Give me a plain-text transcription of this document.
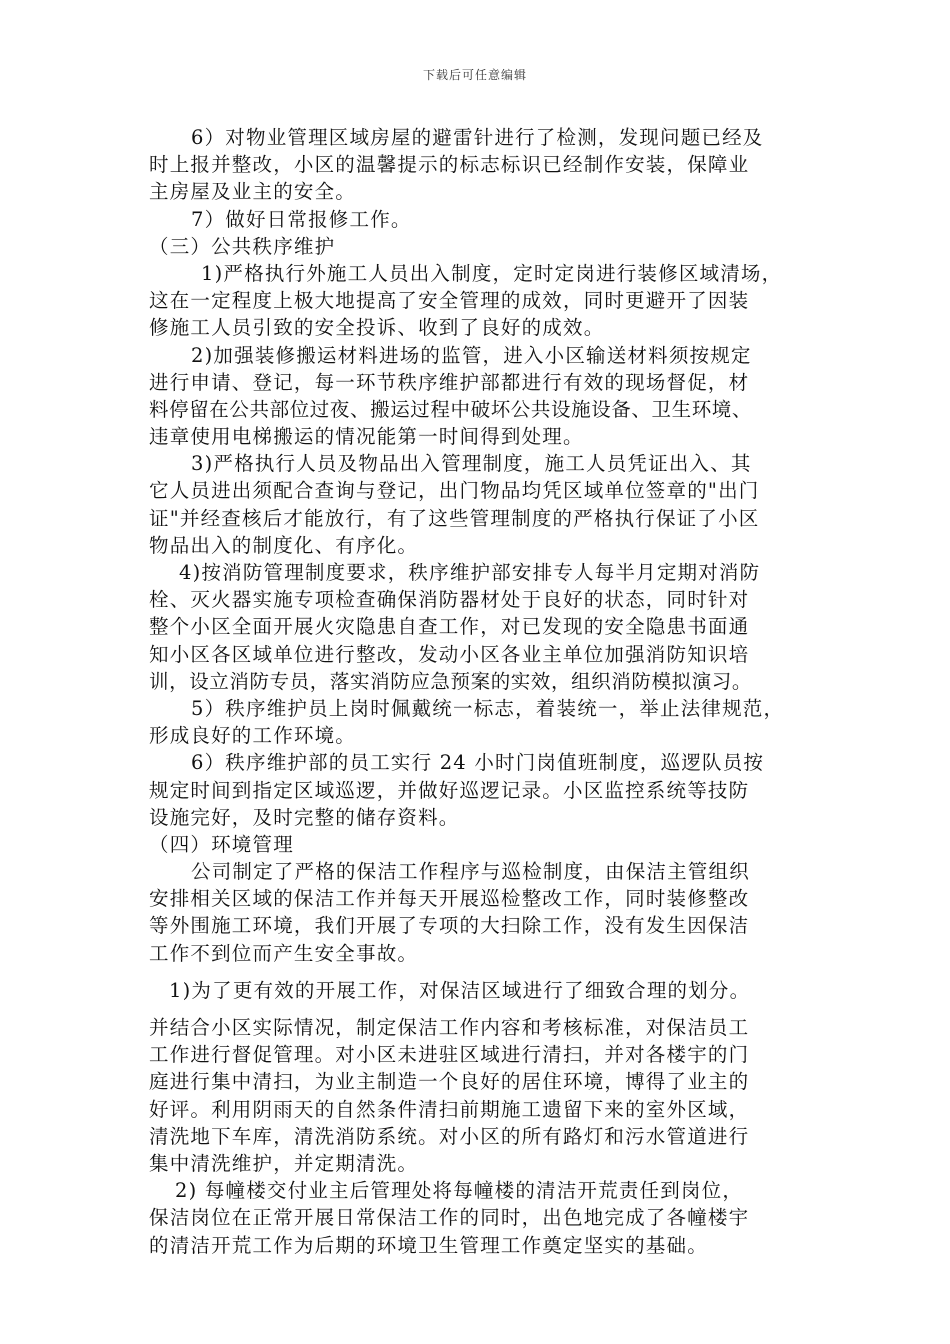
下载后可任意编辑
6）对物业管理区域房屋的避雷针进行了检测，发现问题已经及
时上报并整改，小区的温馨提示的标志标识已经制作安装，保障业
主房屋及业主的安全。
7）做好日常报修工作。
（三）公共秩序维护
1)严格执行外施工人员出入制度，定时定岗进行装修区域清场，
这在一定程度上极大地提高了安全管理的成效，同时更避开了因装
修施工人员引致的安全投诉、收到了良好的成效。
2)加强装修搬运材料进场的监管，进入小区输送材料须按规定
进行申请、登记，每一环节秩序维护部都进行有效的现场督促，材
料停留在公共部位过夜、搬运过程中破坏公共设施设备、卫生环境、
违章使用电梯搬运的情况能第一时间得到处理。
3)严格执行人员及物品出入管理制度，施工人员凭证出入、其
它人员进出须配合查询与登记，出门物品均凭区域单位签章的"出门
证"并经查核后才能放行，有了这些管理制度的严格执行保证了小区
物品出入的制度化、有序化。
4)按消防管理制度要求，秩序维护部安排专人每半月定期对消防
栓、灭火器实施专项检查确保消防器材处于良好的状态，同时针对
整个小区全面开展火灾隐患自查工作，对已发现的安全隐患书面通
知小区各区域单位进行整改，发动小区各业主单位加强消防知识培
训，设立消防专员，落实消防应急预案的实效，组织消防模拟演习。
5）秩序维护员上岗时佩戴统一标志，着装统一，举止法律规范，
形成良好的工作环境。
6）秩序维护部的员工实行 24 小时门岗值班制度，巡逻队员按
规定时间到指定区域巡逻，并做好巡逻记录。小区监控系统等技防
设施完好，及时完整的储存资料。
（四）环境管理
公司制定了严格的保洁工作程序与巡检制度，由保洁主管组织
安排相关区域的保洁工作并每天开展巡检整改工作，同时装修整改
等外围施工环境，我们开展了专项的大扫除工作，没有发生因保洁
工作不到位而产生安全事故。
1)为了更有效的开展工作，对保洁区域进行了细致合理的划分。
并结合小区实际情况，制定保洁工作内容和考核标准，对保洁员工
工作进行督促管理。对小区未进驻区域进行清扫，并对各楼宇的门
庭进行集中清扫，为业主制造一个良好的居住环境，博得了业主的
好评。利用阴雨天的自然条件清扫前期施工遗留下来的室外区域，
清洗地下车库，清洗消防系统。对小区的所有路灯和污水管道进行
集中清洗维护，并定期清洗。
2) 每幢楼交付业主后管理处将每幢楼的清洁开荒责任到岗位，
保洁岗位在正常开展日常保洁工作的同时，出色地完成了各幢楼宇
的清洁开荒工作为后期的环境卫生管理工作奠定坚实的基础。
